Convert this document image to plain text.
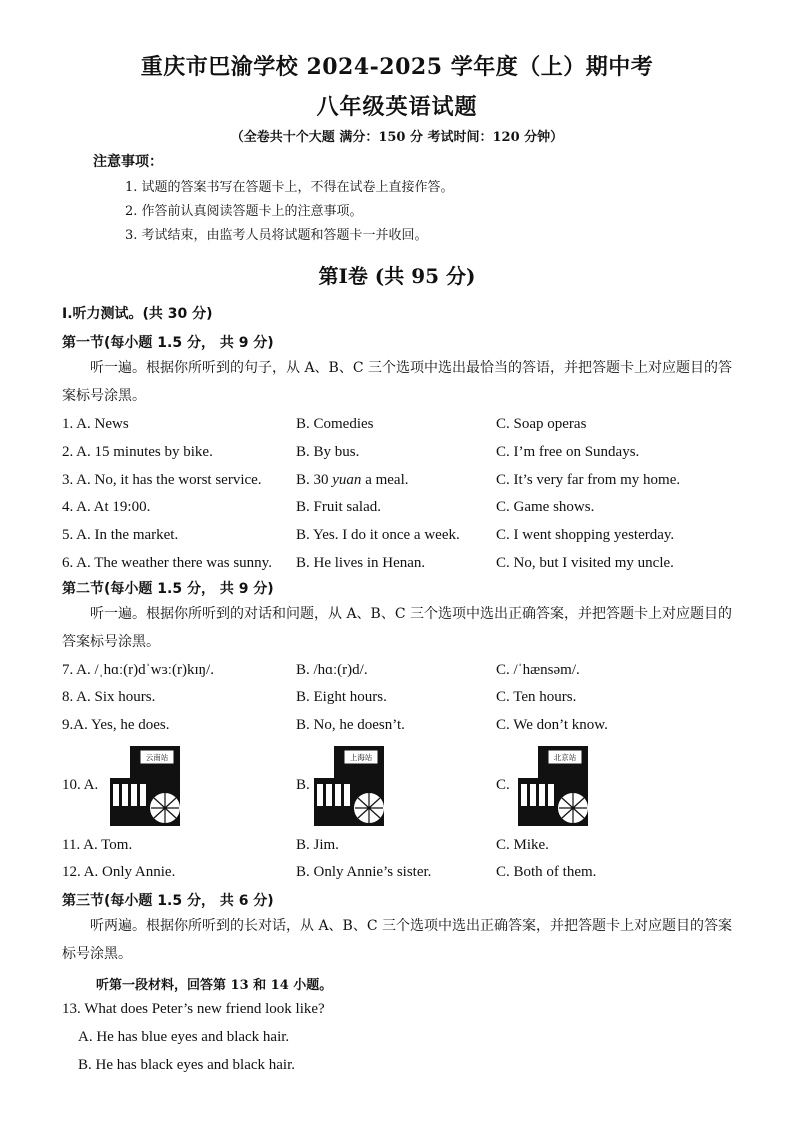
重庆市巴渝学校 2024-2025 学年度（上）期中考
八年级英语试题
（全卷共十个大题 满分：150 分 考试时间：120 分钟）
注意事项：
1. 试题的答案书写在答题卡上，不得在试卷上直接作答。
2. 作答前认真阅读答题卡上的注意事项。
3. 考试结束，由监考人员将试题和答题卡一并收回。
第Ⅰ卷 (共 95 分)
Ⅰ.听力测试。(共 30 分)
第一节(每小题 1.5 分， 共 9 分)
听一遍。根据你所听到的句子，从 A、B、C 三个选项中选出最恰当的答语，并把答题卡上对应题目的答案标号涂黑。
1. A. News	B. Comedies	C. Soap operas
2. A. 15 minutes by bike.	B. By bus.	C. I’m free on Sundays.
3. A. No, it has the worst service. B. 30 yuan a meal.	C. It’s very far from my home.
4. A. At 19:00.	B. Fruit salad.	C. Game shows.
5. A. In the market.	B. Yes. I do it once a week. C. I went shopping yesterday.
6. A. The weather there was sunny. B. He lives in Henan.	C. No, but I visited my uncle.
第二节(每小题 1.5 分， 共 9 分)
听一遍。根据你所听到的对话和问题，从 A、B、C 三个选项中选出正确答案，并把答题卡上对应题目的答案标号涂黑。
7. A. /ˌhɑː(r)dˈwɜː(r)kɪŋ/.	B. /hɑː(r)d/.	C. /ˈhænsəm/.
8. A. Six hours.	B. Eight hours.	C. Ten hours.
9.A. Yes, he does.	B. No, he doesn’t.	C. We don’t know.
10. A.	B.	C.
云南站	上海站	北京站
11. A. Tom.	B. Jim.	C. Mike.
12. A. Only Annie.	B. Only Annie’s sister.	C. Both of them.
第三节(每小题 1.5 分， 共 6 分)
听两遍。根据你所听到的长对话，从 A、B、C 三个选项中选出正确答案，并把答题卡上对应题目的答案标号涂黑。
听第一段材料，回答第 13 和 14 小题。
13. What does Peter’s new friend look like?
A. He has blue eyes and black hair.
B. He has black eyes and black hair.
